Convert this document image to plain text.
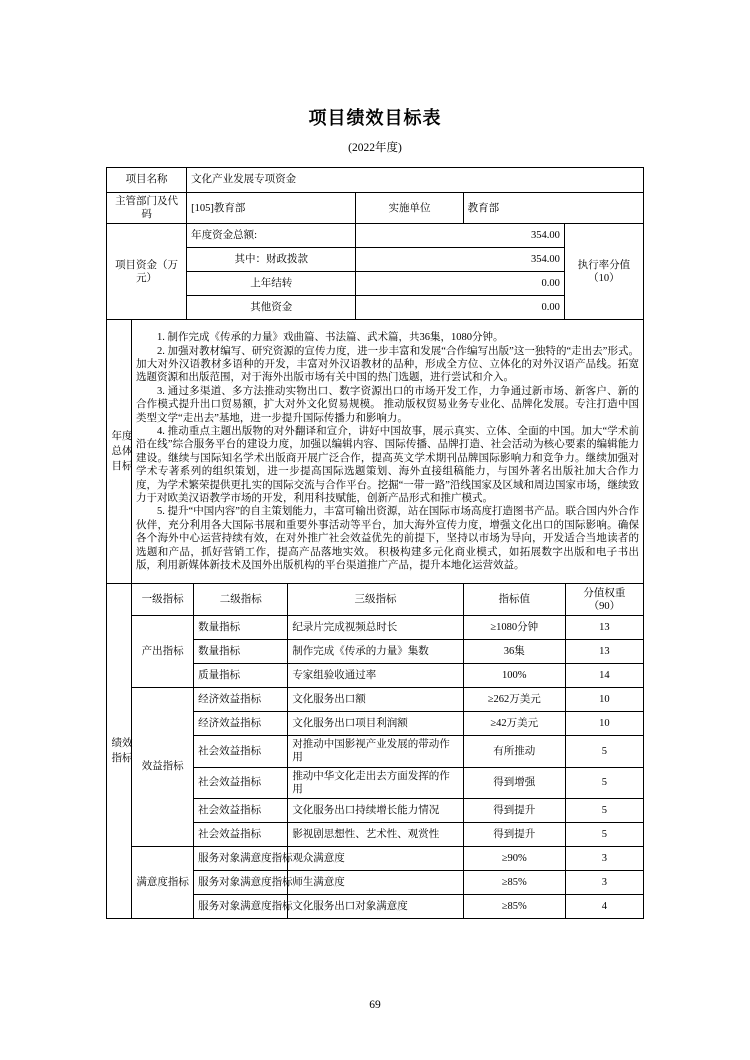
项目绩效目标表
(2022年度)
项目名称	文化产业发展专项资金		
主管部门及代码	[105]教育部	实施单位	教育部
项目资金（万元）	年度资金总额:	354.00	执行率分值
（10）

	其中：财政拨款	354.00	
	上年结转	0.00	
	其他资金	0.00	
年度总体目标

1. 制作完成《传承的力量》戏曲篇、书法篇、武术篇，共36集，1080分钟。

2. 加强对教材编写、研究资源的宣传力度，进一步丰富和发展“合作编写出版”这一独特的“走出去”形式。加大对外汉语教材多语种的开发，丰富对外汉语教材的品种，形成全方位、立体化的对外汉语产品线。拓宽选题资源和出版范围，对于海外出版市场有关中国的热门选题，进行尝试和介入。

3. 通过多渠道、多方法推动实物出口、数字资源出口的市场开发工作，力争通过新市场、新客户、新的合作模式提升出口贸易额，扩大对外文化贸易规模。 推动版权贸易业务专业化、品牌化发展。专注打造中国类型文学“走出去”基地，进一步提升国际传播力和影响力。

4. 推动重点主题出版物的对外翻译和宣介，讲好中国故事，展示真实、立体、全面的中国。加大“学术前沿在线”综合服务平台的建设力度，加强以编辑内容、国际传播、品牌打造、社会活动为核心要素的编辑能力建设。继续与国际知名学术出版商开展广泛合作，提高英文学术期刊品牌国际影响力和竞争力。继续加强对学术专著系列的组织策划，进一步提高国际选题策划、海外直接组稿能力，与国外著名出版社加大合作力度，为学术繁荣提供更扎实的国际交流与合作平台。挖掘“一带一路”沿线国家及区域和周边国家市场，继续致力于对欧美汉语教学市场的开发，利用科技赋能，创新产品形式和推广模式。

5. 提升“中国内容”的自主策划能力，丰富可输出资源，站在国际市场高度打造图书产品。联合国内外合作伙伴，充分利用各大国际书展和重要外事活动等平台，加大海外宣传力度，增强文化出口的国际影响。确保各个海外中心运营持续有效，在对外推广社会效益优先的前提下，坚持以市场为导向，开发适合当地读者的选题和产品，抓好营销工作，提高产品落地实效。 积极构建多元化商业模式，如拓展数字出版和电子书出版，利用新媒体新技术及国外出版机构的平台渠道推广产品，提升本地化运营效益。

绩效指标	一级指标	二级指标	三级指标	指标值	分值权重
（90）

	产出指标	数量指标	纪录片完成视频总时长	≥1080分钟	13
		数量指标	制作完成《传承的力量》集数	36集	13
		质量指标	专家组验收通过率	100%	14
	效益指标	经济效益指标	文化服务出口额	≥262万美元	10
		经济效益指标	文化服务出口项目利润额	≥42万美元	10
		社会效益指标	对推动中国影视产业发展的带动作用	有所推动	5
		社会效益指标	推动中华文化走出去方面发挥的作用	得到增强	5
		社会效益指标	文化服务出口持续增长能力情况	得到提升	5
		社会效益指标	影视剧思想性、艺术性、观赏性	得到提升	5
	满意度指标	服务对象满意度指标	观众满意度	≥90%	3
		服务对象满意度指标	师生满意度	≥85%	3
		服务对象满意度指标	文化服务出口对象满意度	≥85%	4
69
